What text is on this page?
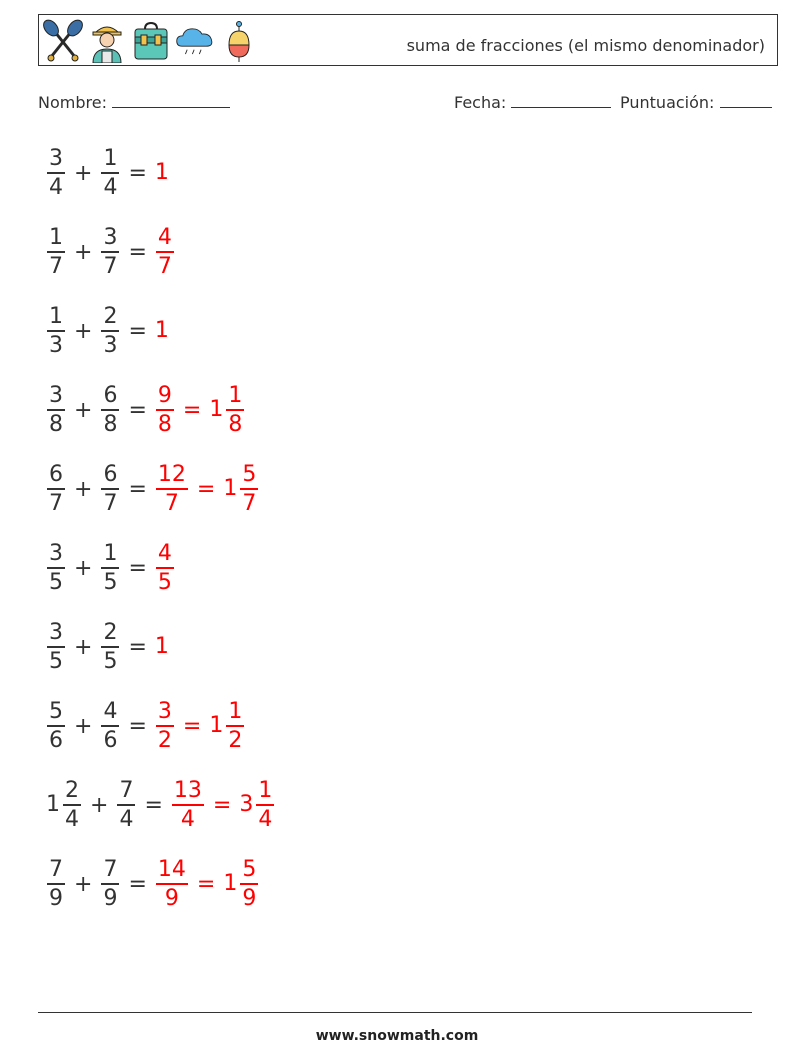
suma de fracciones (el mismo denominador)
Nombre:	Fecha:	Puntuación:
$\frac{3}{4} + \frac{1}{4} = 1$
$\frac{1}{7} + \frac{3}{7} = \frac{4}{7}$
$\frac{1}{3} + \frac{2}{3} = 1$
$\frac{3}{8} + \frac{6}{8} = \frac{9}{8} = 1 \frac{1}{8}$
$\frac{6}{7} + \frac{6}{7} = \frac{12}{7} = 1 \frac{5}{7}$
$\frac{3}{5} + \frac{1}{5} = \frac{4}{5}$
$\frac{3}{5} + \frac{2}{5} = 1$
$\frac{5}{6} + \frac{4}{6} = \frac{3}{2} = 1 \frac{1}{2}$
$1 \frac{2}{4} + \frac{7}{4} = \frac{13}{4} = 3 \frac{1}{4}$
$\frac{7}{9} + \frac{7}{9} = \frac{14}{9} = 1 \frac{5}{9}$
www.snowmath.com
